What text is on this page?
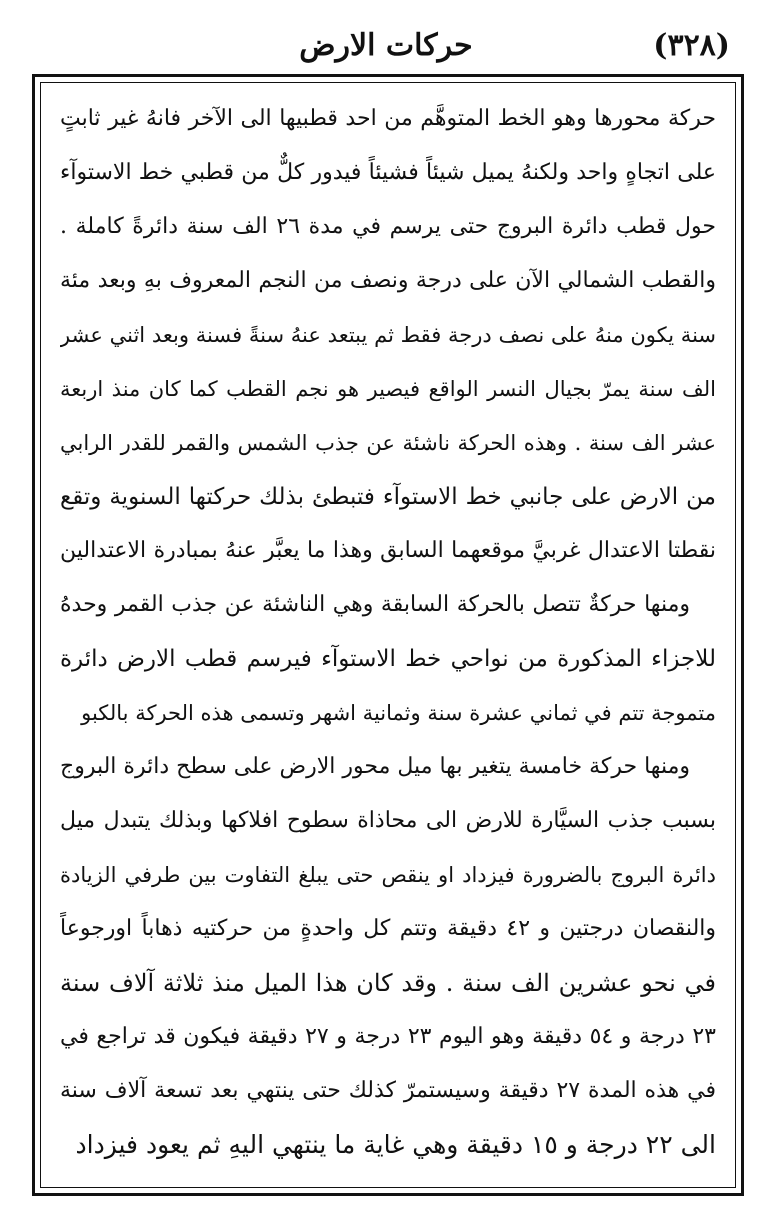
(٣٢٨)
حركات الارض
حركة محورها وهو الخط المتوهَّم من احد قطبيها الى الآخر فانهُ غير ثابتٍ
على اتجاهٍ واحد ولكنهُ يميل شيئاً فشيئاً فيدور كلٌّ من قطبي خط الاستوآء
حول قطب دائرة البروج حتى يرسم في مدة ٢٦ الف سنة دائرةً كاملة .
والقطب الشمالي الآن على درجة ونصف من النجم المعروف بهِ وبعد مئة
سنة يكون منهُ على نصف درجة فقط ثم يبتعد عنهُ سنةً فسنة وبعد اثني عشر
الف سنة يمرّ بجيال النسر الواقع فيصير هو نجم القطب كما كان منذ اربعة
عشر الف سنة . وهذه الحركة ناشئة عن جذب الشمس والقمر للقدر الرابي
من الارض على جانبي خط الاستوآء فتبطئ بذلك حركتها السنوية وتقع
نقطتا الاعتدال غربيَّ موقعهما السابق وهذا ما يعبَّر عنهُ بمبادرة الاعتدالين
ومنها حركةٌ تتصل بالحركة السابقة وهي الناشئة عن جذب القمر وحدهُ
للاجزاء المذكورة من نواحي خط الاستوآء فيرسم قطب الارض دائرة
متموجة تتم في ثماني عشرة سنة وثمانية اشهر وتسمى هذه الحركة بالكبو
ومنها حركة خامسة يتغير بها ميل محور الارض على سطح دائرة البروج
بسبب جذب السيَّارة للارض الى محاذاة سطوح افلاكها وبذلك يتبدل ميل
دائرة البروج بالضرورة فيزداد او ينقص حتى يبلغ التفاوت بين طرفي الزيادة
والنقصان درجتين و ٤٢ دقيقة وتتم كل واحدةٍ من حركتيه ذهاباً اورجوعاً
في نحو عشرين الف سنة . وقد كان هذا الميل منذ ثلاثة آلاف سنة
٢٣ درجة و ٥٤ دقيقة وهو اليوم ٢٣ درجة و ٢٧ دقيقة فيكون قد تراجع في
في هذه المدة ٢٧ دقيقة وسيستمرّ كذلك حتى ينتهي بعد تسعة آلاف سنة
الى ٢٢ درجة و ١٥ دقيقة وهي غاية ما ينتهي اليهِ ثم يعود فيزداد
